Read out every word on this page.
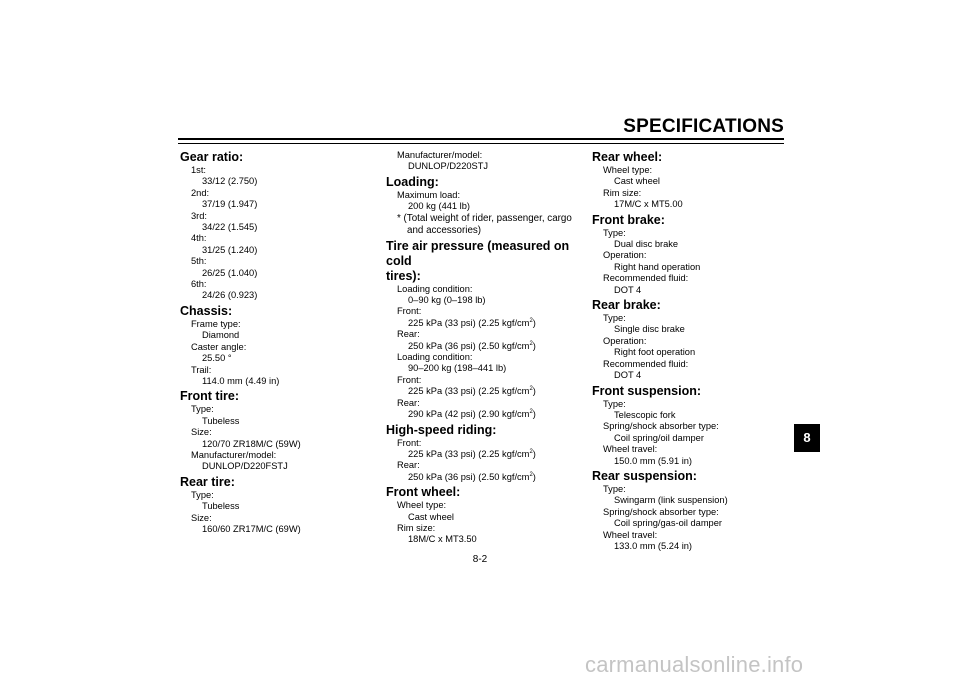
SPECIFICATIONS
Gear ratio:
1st:
33/12 (2.750)
2nd:
37/19 (1.947)
3rd:
34/22 (1.545)
4th:
31/25 (1.240)
5th:
26/25 (1.040)
6th:
24/26 (0.923)
Chassis:
Frame type:
Diamond
Caster angle:
25.50 °
Trail:
114.0 mm (4.49 in)
Front tire:
Type:
Tubeless
Size:
120/70 ZR18M/C (59W)
Manufacturer/model:
DUNLOP/D220FSTJ
Rear tire:
Type:
Tubeless
Size:
160/60 ZR17M/C (69W)
Manufacturer/model:
DUNLOP/D220STJ
Loading:
Maximum load:
200 kg (441 lb)
* (Total weight of rider, passenger, cargo
and accessories)
Tire air pressure (measured on cold
tires):
Loading condition:
0–90 kg (0–198 lb)
Front:
225 kPa (33 psi) (2.25 kgf/$cm^2$)
Rear:
250 kPa (36 psi) (2.50 kgf/$cm^2$)
Loading condition:
90–200 kg (198–441 lb)
Front:
225 kPa (33 psi) (2.25 kgf/$cm^2$)
Rear:
290 kPa (42 psi) (2.90 kgf/$cm^2$)
High-speed riding:
Front:
225 kPa (33 psi) (2.25 kgf/$cm^2$)
Rear:
250 kPa (36 psi) (2.50 kgf/$cm^2$)
Front wheel:
Wheel type:
Cast wheel
Rim size:
18M/C x MT3.50
Rear wheel:
Wheel type:
Cast wheel
Rim size:
17M/C x MT5.00
Front brake:
Type:
Dual disc brake
Operation:
Right hand operation
Recommended fluid:
DOT 4
Rear brake:
Type:
Single disc brake
Operation:
Right foot operation
Recommended fluid:
DOT 4
Front suspension:
Type:
Telescopic fork
Spring/shock absorber type:
Coil spring/oil damper
Wheel travel:
150.0 mm (5.91 in)
Rear suspension:
Type:
Swingarm (link suspension)
Spring/shock absorber type:
Coil spring/gas-oil damper
Wheel travel:
133.0 mm (5.24 in)
8
8-2
carmanualsonline.info
